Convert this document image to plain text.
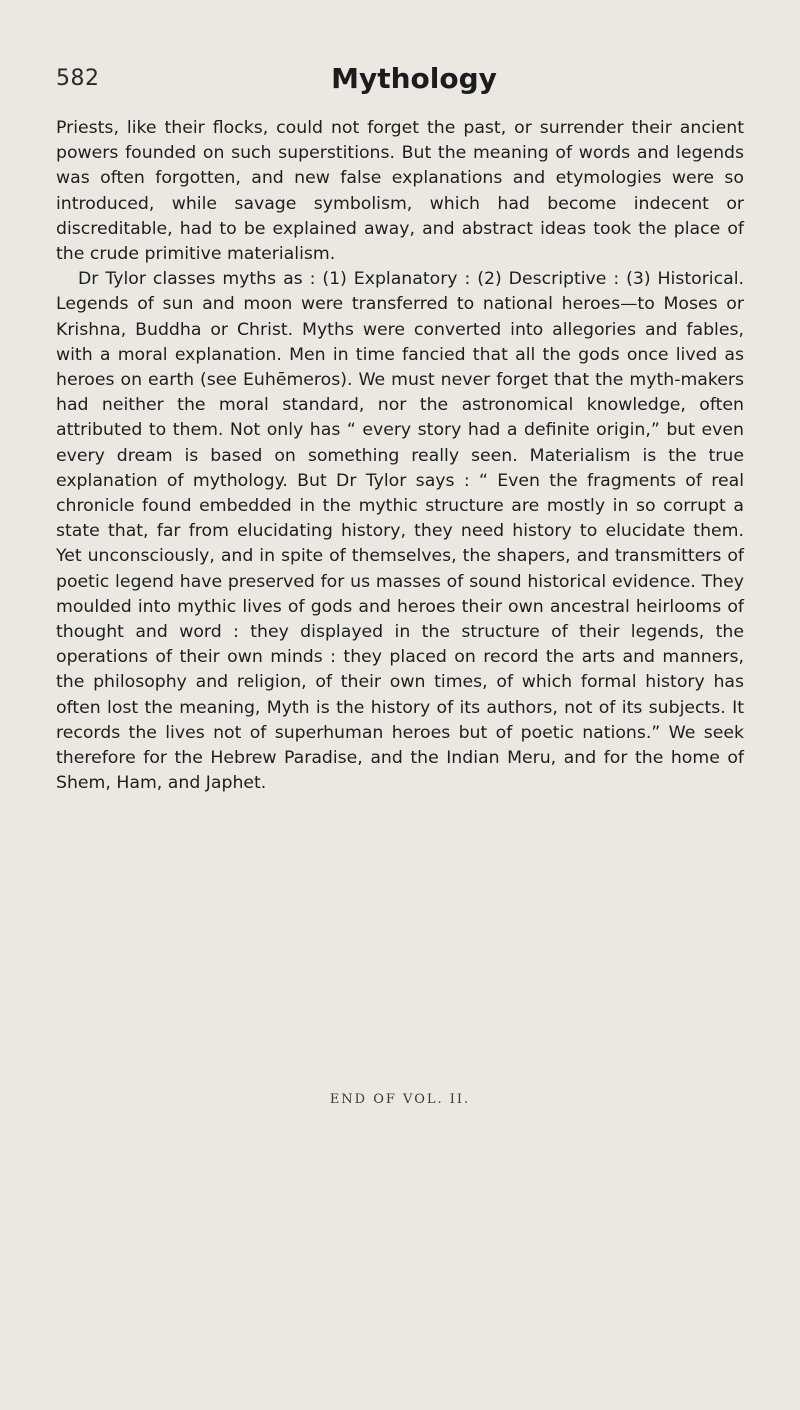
582	Mythology

Priests, like their flocks, could not forget the past, or surrender their ancient powers founded on such superstitions. But the meaning of words and legends was often forgotten, and new false explanations and etymologies were so introduced, while savage symbolism, which had become indecent or discreditable, had to be explained away, and abstract ideas took the place of the crude primitive materialism.

Dr Tylor classes myths as : (1) Explanatory : (2) Descriptive : (3) Historical. Legends of sun and moon were transferred to national heroes—to Moses or Krishna, Buddha or Christ. Myths were converted into allegories and fables, with a moral explanation. Men in time fancied that all the gods once lived as heroes on earth (see Euhēmeros). We must never forget that the myth-makers had neither the moral standard, nor the astronomical knowledge, often attributed to them. Not only has “ every story had a definite origin,” but even every dream is based on something really seen. Materialism is the true explanation of mythology. But Dr Tylor says : “ Even the fragments of real chronicle found embedded in the mythic structure are mostly in so corrupt a state that, far from elucidating history, they need history to elucidate them. Yet unconsciously, and in spite of themselves, the shapers, and transmitters of poetic legend have preserved for us masses of sound historical evidence. They moulded into mythic lives of gods and heroes their own ancestral heirlooms of thought and word : they displayed in the structure of their legends, the operations of their own minds : they placed on record the arts and manners, the philosophy and religion, of their own times, of which formal history has often lost the meaning, Myth is the history of its authors, not of its subjects. It records the lives not of superhuman heroes but of poetic nations.” We seek therefore for the Hebrew Paradise, and the Indian Meru, and for the home of Shem, Ham, and Japhet.

END OF VOL. II.
